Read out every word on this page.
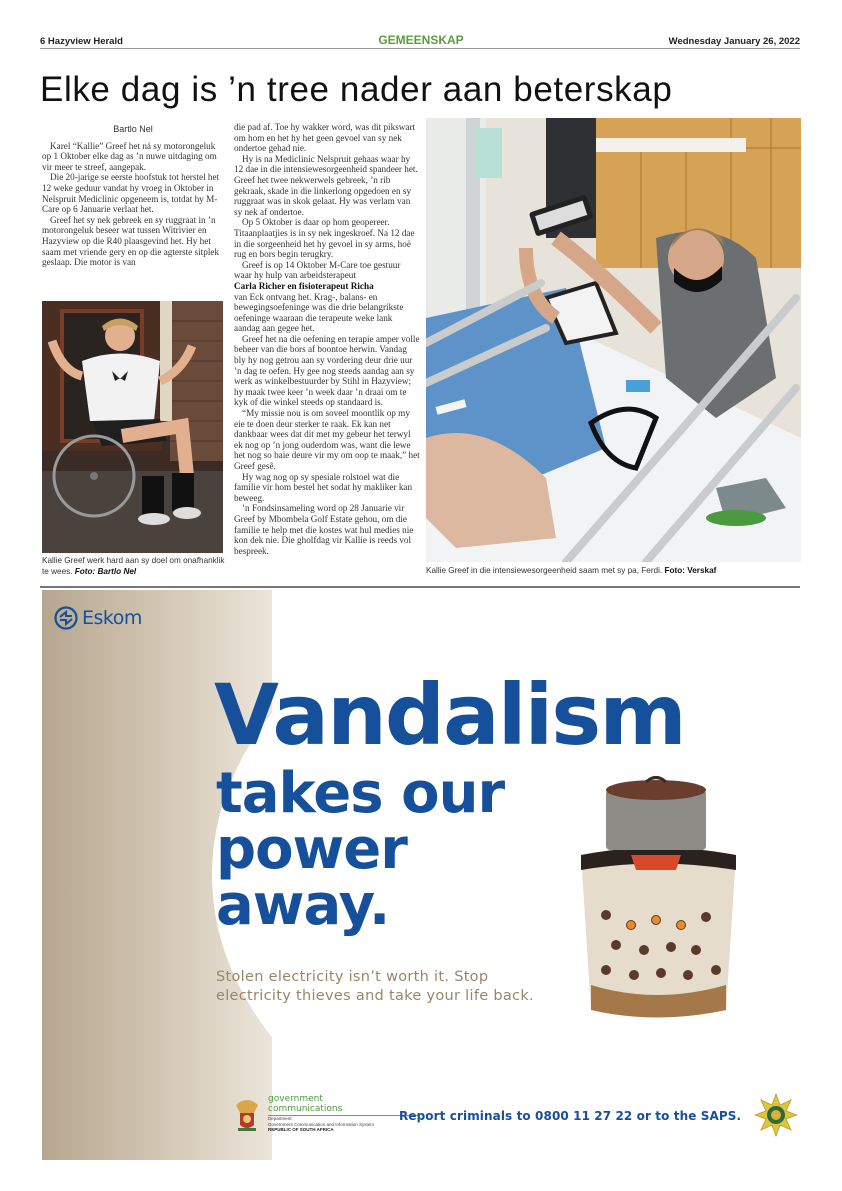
6 Hazyview Herald	GEMEENSKAP	Wednesday January 26, 2022
Elke dag is ’n tree nader aan beterskap
Bartlo Nel

Karel “Kallie” Greef het ná sy motorongeluk op 1 Oktober elke dag as ’n nuwe uitdaging om vir meer te streef, aangepak.

Die 20-jarige se eerste hoofstuk tot herstel het 12 weke geduur vandat hy vroeg in Oktober in Nelspruit Mediclinic opgeneem is, totdat hy M-Care op 6 Januarie verlaat het.

Greef het sy nek gebreek en sy ruggraat in ’n motorongeluk beseer wat tussen Witrivier en Hazyview op die R40 plaasgevind het. Hy het saam met vriende gery en op die agterste sitplek geslaap. Die motor is van

Kallie Greef werk hard aan sy doel om onafhanklik te wees. Foto: Bartlo Nel

die pad af. Toe hy wakker word, was dit pikswart om hom en het hy het geen gevoel van sy nek ondertoe gehad nie.

Hy is na Mediclinic Nelspruit gehaas waar hy 12 dae in die intensiewesorgeenheid spandeer het. Greef het twee nekwerwels gebreek, ’n rib gekraak, skade in die linkerlong opgedoen en sy ruggraat was in skok gelaat. Hy was verlam van sy nek af ondertoe.

Op 5 Oktober is daar op hom geopereer. Titaanplaatjies is in sy nek ingeskroef. Na 12 dae in die sorgeenheid het hy gevoel in sy arms, hoë rug en bors begin terugkry.

Greef is op 14 Oktober M-Care toe gestuur waar hy hulp van arbeidsterapeut

Carla Richer en fisioterapeut Richa

van Eck ontvang het. Krag-, balans- en bewegingsoefeninge was die drie belangrikste oefeninge waaraan die terapeute weke lank aandag aan gegee het.

Greef het na die oefening en terapie amper volle beheer van die bors af boontoe herwin. Vandag bly hy nog getrou aan sy vordering deur drie uur ’n dag te oefen. Hy gee nog steeds aandag aan sy werk as winkelbestuurder by Stihl in Hazyview; hy maak twee keer ’n week daar ’n draai om te kyk of die winkel steeds op standaard is.

“My missie nou is om soveel moontlik op my eie te doen deur sterker te raak. Ek kan net dankbaar wees dat dit met my gebeur het terwyl ek nog op ’n jong ouderdom was, want die lewe het nog so baie deure vir my om oop te maak,” het Greef gesê.

Hy wag nog op sy spesiale rolstoel wat die familie vir hom bestel het sodat hy makliker kan beweeg.

’n Fondsinsameling word op 28 Januarie vir Greef by Mbombela Golf Estate gehou, om die familie te help met die kostes wat hul medies nie kon dek nie. Die gholfdag vir Kallie is reeds vol bespreek.

Kallie Greef in die intensiewesorgeenheid saam met sy pa, Ferdi. Foto: Verskaf
Eskom
Vandalism
takes our
power
away.
Stolen electricity isn’t worth it. Stop
electricity thieves and take your life back.
government
communications
Department:
Government Communication and Information System
REPUBLIC OF SOUTH AFRICA
Report criminals to 0800 11 27 22 or to the SAPS.
